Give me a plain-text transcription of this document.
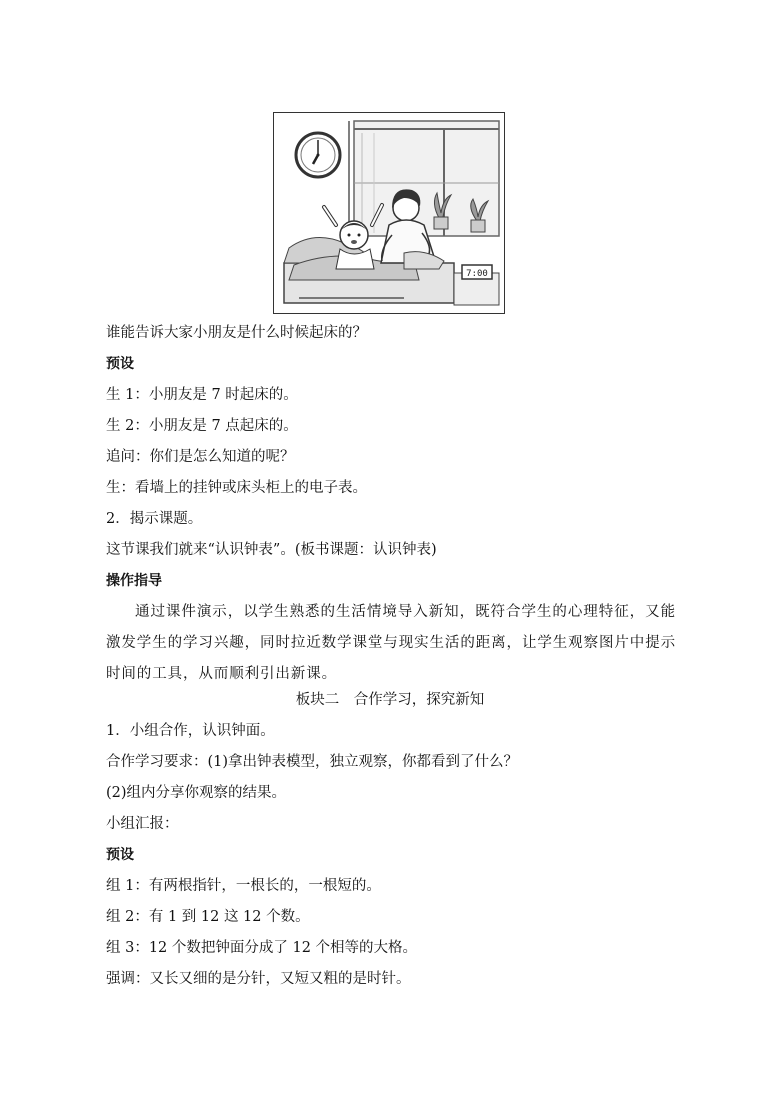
7:00
谁能告诉大家小朋友是什么时候起床的？
预设
生 1：小朋友是 7 时起床的。
生 2：小朋友是 7 点起床的。
追问：你们是怎么知道的呢？
生：看墙上的挂钟或床头柜上的电子表。
2．揭示课题。
这节课我们就来“认识钟表”。(板书课题：认识钟表)
操作指导
通过课件演示，以学生熟悉的生活情境导入新知，既符合学生的心理特征，又能激发学生的学习兴趣，同时拉近数学课堂与现实生活的距离，让学生观察图片中提示时间的工具，从而顺利引出新课。
板块二　合作学习，探究新知
1．小组合作，认识钟面。
合作学习要求：(1)拿出钟表模型，独立观察，你都看到了什么？
(2)组内分享你观察的结果。
小组汇报：
预设
组 1：有两根指针，一根长的，一根短的。
组 2：有 1 到 12 这 12 个数。
组 3：12 个数把钟面分成了 12 个相等的大格。
强调：又长又细的是分针，又短又粗的是时针。
